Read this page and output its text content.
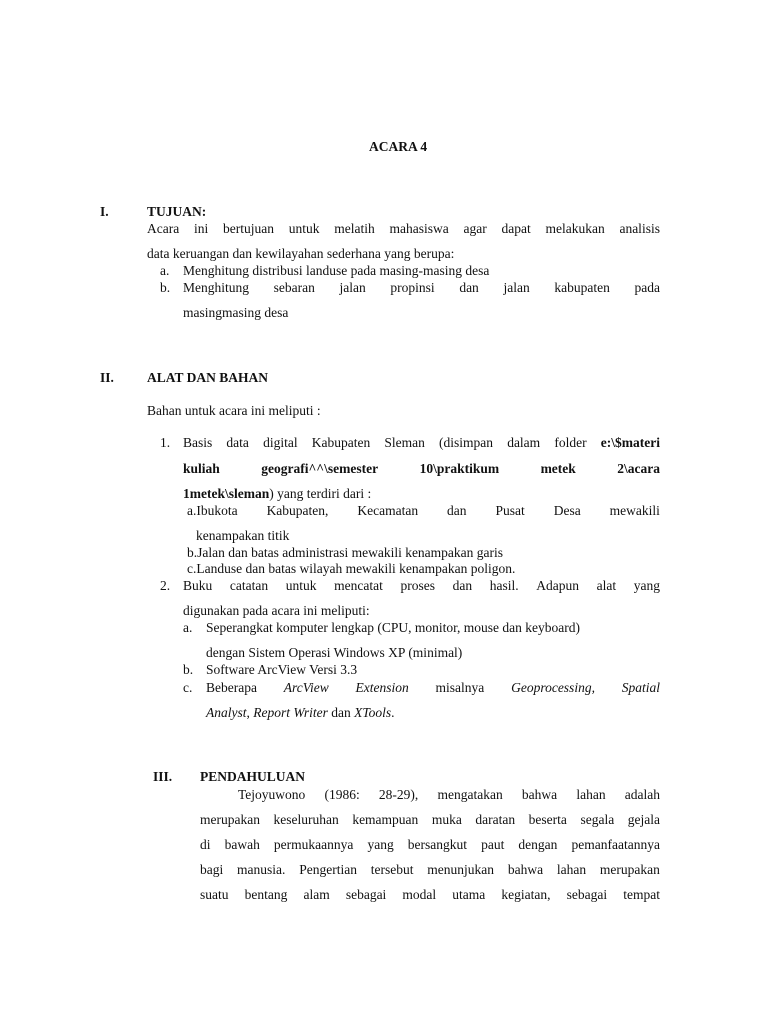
ACARA 4
I.	TUJUAN:
Acara ini bertujuan untuk melatih mahasiswa agar dapat melakukan analisis
data keruangan dan kewilayahan sederhana yang berupa:
a. Menghitung distribusi landuse pada masing-masing desa
b. Menghitung sebaran jalan propinsi dan jalan kabupaten pada
masingmasing desa
II. ALAT DAN BAHAN
Bahan untuk acara ini meliputi :
1. Basis data digital Kabupaten Sleman (disimpan dalam folder e:\$materi
kuliah	geografi^^\semester	10\praktikum	metek	2\acara
1metek\sleman) yang terdiri dari :
a.Ibukota Kabupaten, Kecamatan dan Pusat Desa mewakili
kenampakan titik
b.Jalan dan batas administrasi mewakili kenampakan garis
c.Landuse dan batas wilayah mewakili kenampakan poligon.
2. Buku catatan untuk mencatat proses dan hasil. Adapun alat yang
digunakan pada acara ini meliputi:
a. Seperangkat komputer lengkap (CPU, monitor, mouse dan keyboard)
dengan Sistem Operasi Windows XP (minimal)
b. Software ArcView Versi 3.3
c. Beberapa ArcView Extension misalnya Geoprocessing, Spatial
Analyst, Report Writer dan XTools.
III. PENDAHULUAN
Tejoyuwono (1986: 28-29), mengatakan bahwa lahan adalah
merupakan keseluruhan kemampuan muka daratan beserta segala gejala
di bawah permukaannya yang bersangkut paut dengan pemanfaatannya
bagi manusia. Pengertian tersebut menunjukan bahwa lahan merupakan
suatu bentang alam sebagai modal utama kegiatan, sebagai tempat
